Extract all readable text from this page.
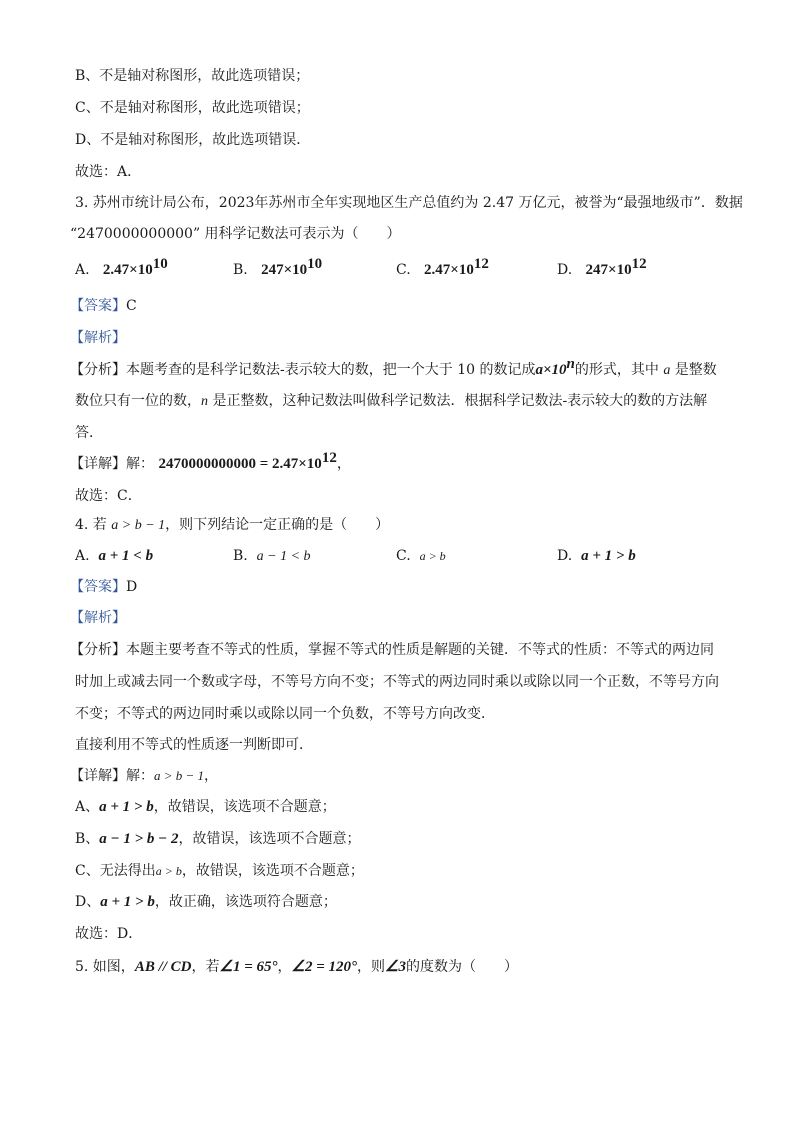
B、不是轴对称图形，故此选项错误；
C、不是轴对称图形，故此选项错误；
D、不是轴对称图形，故此选项错误．
故选：A．
3. 苏州市统计局公布，2023年苏州市全年实现地区生产总值约为 2.47 万亿元，被誉为“最强地级市”．数据
“2470000000000” 用科学记数法可表示为（　　）
A. $2.47\times 10^{10}$	B. $247\times 10^{10}$	C. $2.47\times 10^{12}$	D. $247\times 10^{12}$
【答案】C
【解析】
【分析】本题考查的是科学记数法-表示较大的数，把一个大于 10 的数记成$a\times 10^n$的形式，其中 a 是整数
数位只有一位的数，n 是正整数，这种记数法叫做科学记数法．根据科学记数法-表示较大的数的方法解
答．
【详解】解： $2470000000000 = 2.47\times 10^{12}$，
故选：C．
4. 若 a > b − 1，则下列结论一定正确的是（　　）
A. a + 1 < b	B. a − 1 < b	C. a > b	D. a + 1 > b
【答案】D
【解析】
【分析】本题主要考查不等式的性质，掌握不等式的性质是解题的关键．不等式的性质：不等式的两边同
时加上或减去同一个数或字母，不等号方向不变；不等式的两边同时乘以或除以同一个正数，不等号方向
不变；不等式的两边同时乘以或除以同一个负数，不等号方向改变．
直接利用不等式的性质逐一判断即可．
【详解】解：a > b − 1，
A、a + 1 > b，故错误，该选项不合题意；
B、a − 1 > b − 2，故错误，该选项不合题意；
C、无法得出a > b，故错误，该选项不合题意；
D、a + 1 > b，故正确，该选项符合题意；
故选：D．
5. 如图，AB // CD，若∠1 = 65°，∠2 = 120°，则∠3的度数为（　　）
